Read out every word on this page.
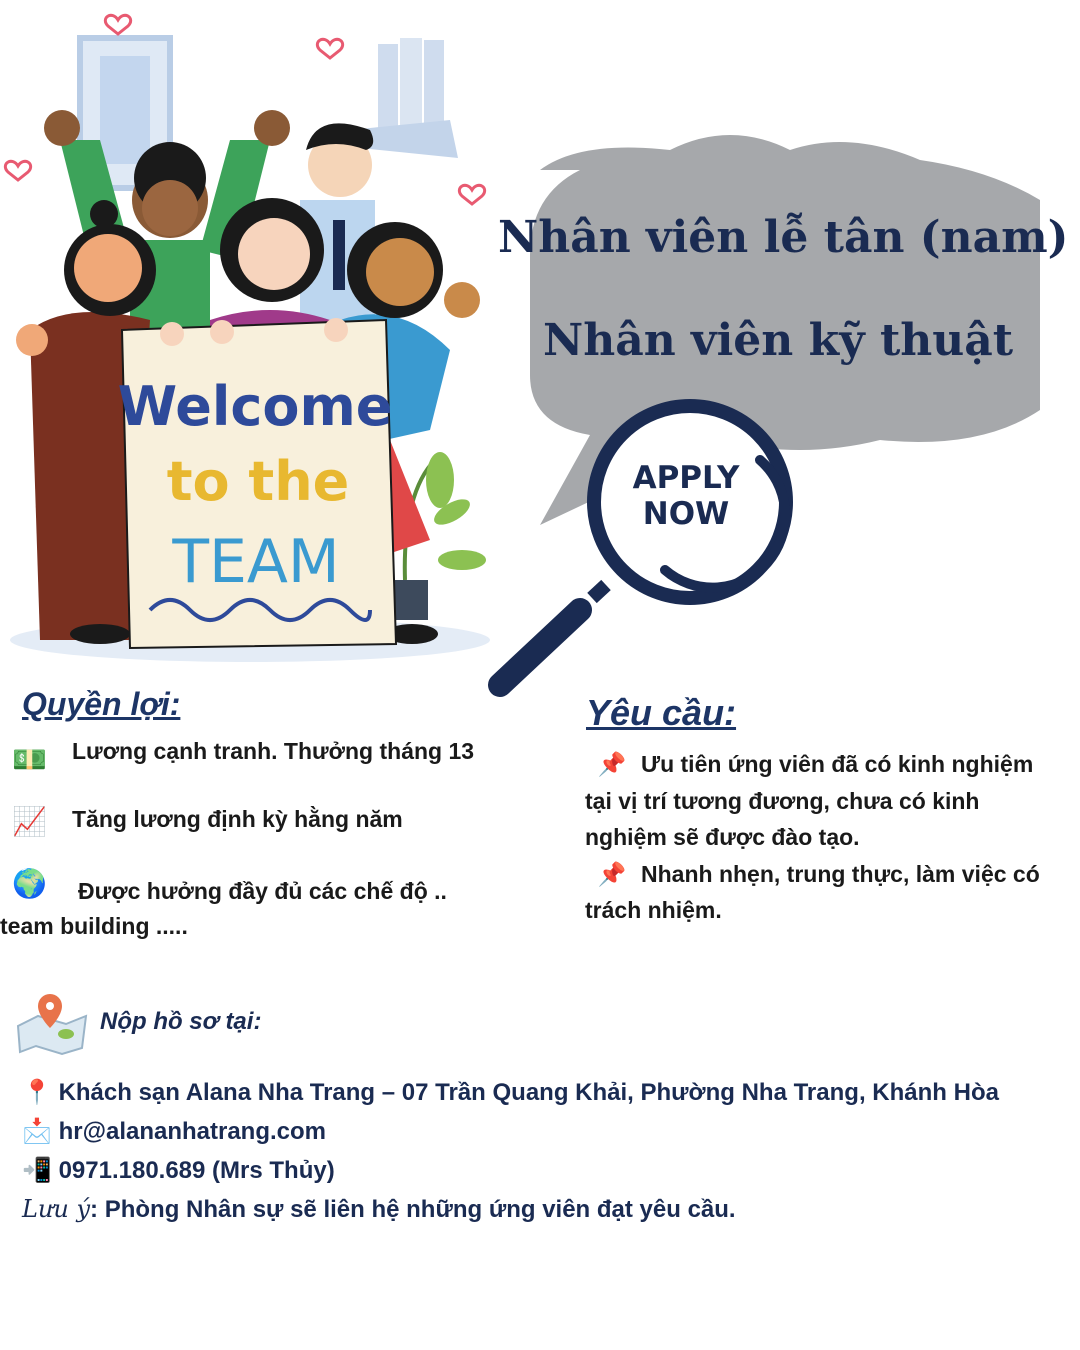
Welcome
to the
TEAM
Nhân viên lễ tân (nam)
Nhân viên kỹ thuật
APPLY
NOW
Quyền lợi:
💵 Lương cạnh tranh. Thưởng tháng 13
📈 Tăng lương định kỳ hằng năm
🌍	Được hưởng đầy đủ các chế độ .. team building .....
Yêu cầu:
📌 Ưu tiên ứng viên đã có kinh nghiệm tại vị trí tương đương, chưa có kinh nghiệm sẽ được đào tạo.
📌 Nhanh nhẹn, trung thực, làm việc có trách nhiệm.
Nộp hồ sơ tại:
📍 Khách sạn Alana Nha Trang – 07 Trần Quang Khải, Phường Nha Trang, Khánh Hòa
📩 hr@alananhatrang.com
📲 0971.180.689 (Mrs Thủy)
Lưu ý: Phòng Nhân sự sẽ liên hệ những ứng viên đạt yêu cầu.
